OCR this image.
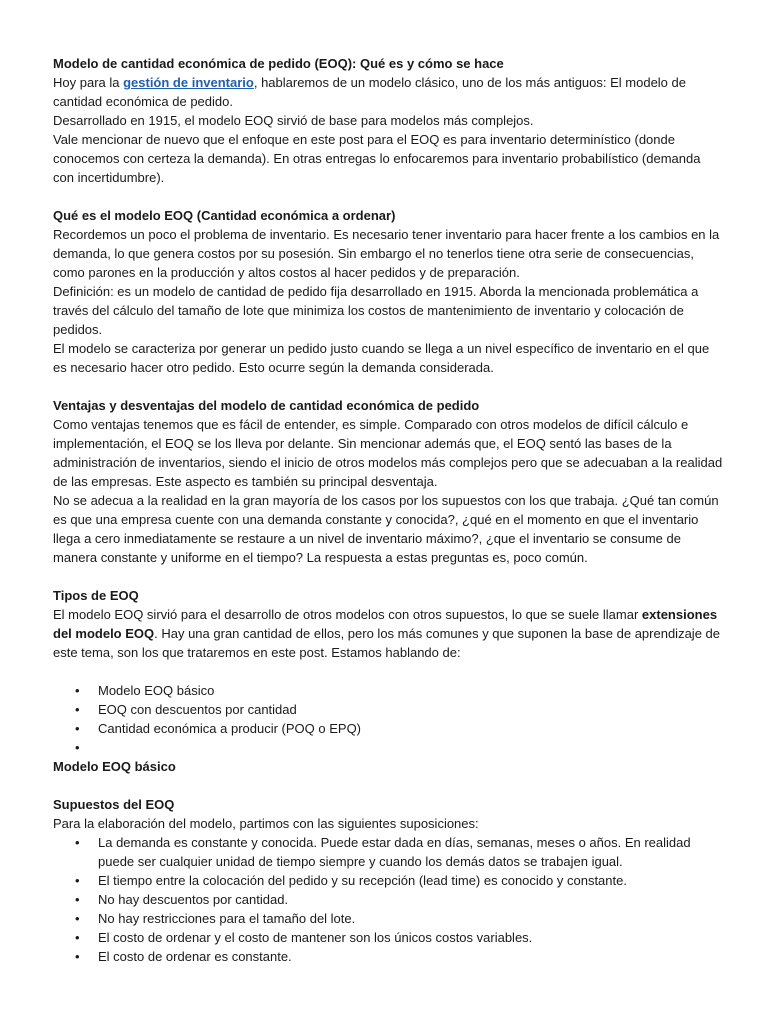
Modelo de cantidad económica de pedido (EOQ): Qué es y cómo se hace

Hoy para la gestión de inventario, hablaremos de un modelo clásico, uno de los más antiguos: El modelo de cantidad económica de pedido.

Desarrollado en 1915, el modelo EOQ sirvió de base para modelos más complejos.

Vale mencionar de nuevo que el enfoque en este post para el EOQ es para inventario determinístico (donde conocemos con certeza la demanda). En otras entregas lo enfocaremos para inventario probabilístico (demanda con incertidumbre).

Qué es el modelo EOQ (Cantidad económica a ordenar)

Recordemos un poco el problema de inventario. Es necesario tener inventario para hacer frente a los cambios en la demanda, lo que genera costos por su posesión. Sin embargo el no tenerlos tiene otra serie de consecuencias, como parones en la producción y altos costos al hacer pedidos y de preparación.

Definición: es un modelo de cantidad de pedido fija desarrollado en 1915. Aborda la mencionada problemática a través del cálculo del tamaño de lote que minimiza los costos de mantenimiento de inventario y colocación de pedidos.

El modelo se caracteriza por generar un pedido justo cuando se llega a un nivel específico de inventario en el que es necesario hacer otro pedido. Esto ocurre según la demanda considerada.

Ventajas y desventajas del modelo de cantidad económica de pedido

Como ventajas tenemos que es fácil de entender, es simple. Comparado con otros modelos de difícil cálculo e implementación, el EOQ se los lleva por delante. Sin mencionar además que, el EOQ sentó las bases de la administración de inventarios, siendo el inicio de otros modelos más complejos pero que se adecuaban a la realidad de las empresas. Este aspecto es también su principal desventaja.

No se adecua a la realidad en la gran mayoría de los casos por los supuestos con los que trabaja. ¿Qué tan común es que una empresa cuente con una demanda constante y conocida?, ¿qué en el momento en que el inventario llega a cero inmediatamente se restaure a un nivel de inventario máximo?, ¿que el inventario se consume de manera constante y uniforme en el tiempo? La respuesta a estas preguntas es, poco común.

Tipos de EOQ

El modelo EOQ sirvió para el desarrollo de otros modelos con otros supuestos, lo que se suele llamar extensiones del modelo EOQ. Hay una gran cantidad de ellos, pero los más comunes y que suponen la base de aprendizaje de este tema, son los que trataremos en este post. Estamos hablando de:

• Modelo EOQ básico
• EOQ con descuentos por cantidad
• Cantidad económica a producir (POQ o EPQ)
•

Modelo EOQ básico

Supuestos del EOQ

Para la elaboración del modelo, partimos con las siguientes suposiciones:

• La demanda es constante y conocida. Puede estar dada en días, semanas, meses o años. En realidad puede ser cualquier unidad de tiempo siempre y cuando los demás datos se trabajen igual.
• El tiempo entre la colocación del pedido y su recepción (lead time) es conocido y constante.
• No hay descuentos por cantidad.
• No hay restricciones para el tamaño del lote.
• El costo de ordenar y el costo de mantener son los únicos costos variables.
• El costo de ordenar es constante.
